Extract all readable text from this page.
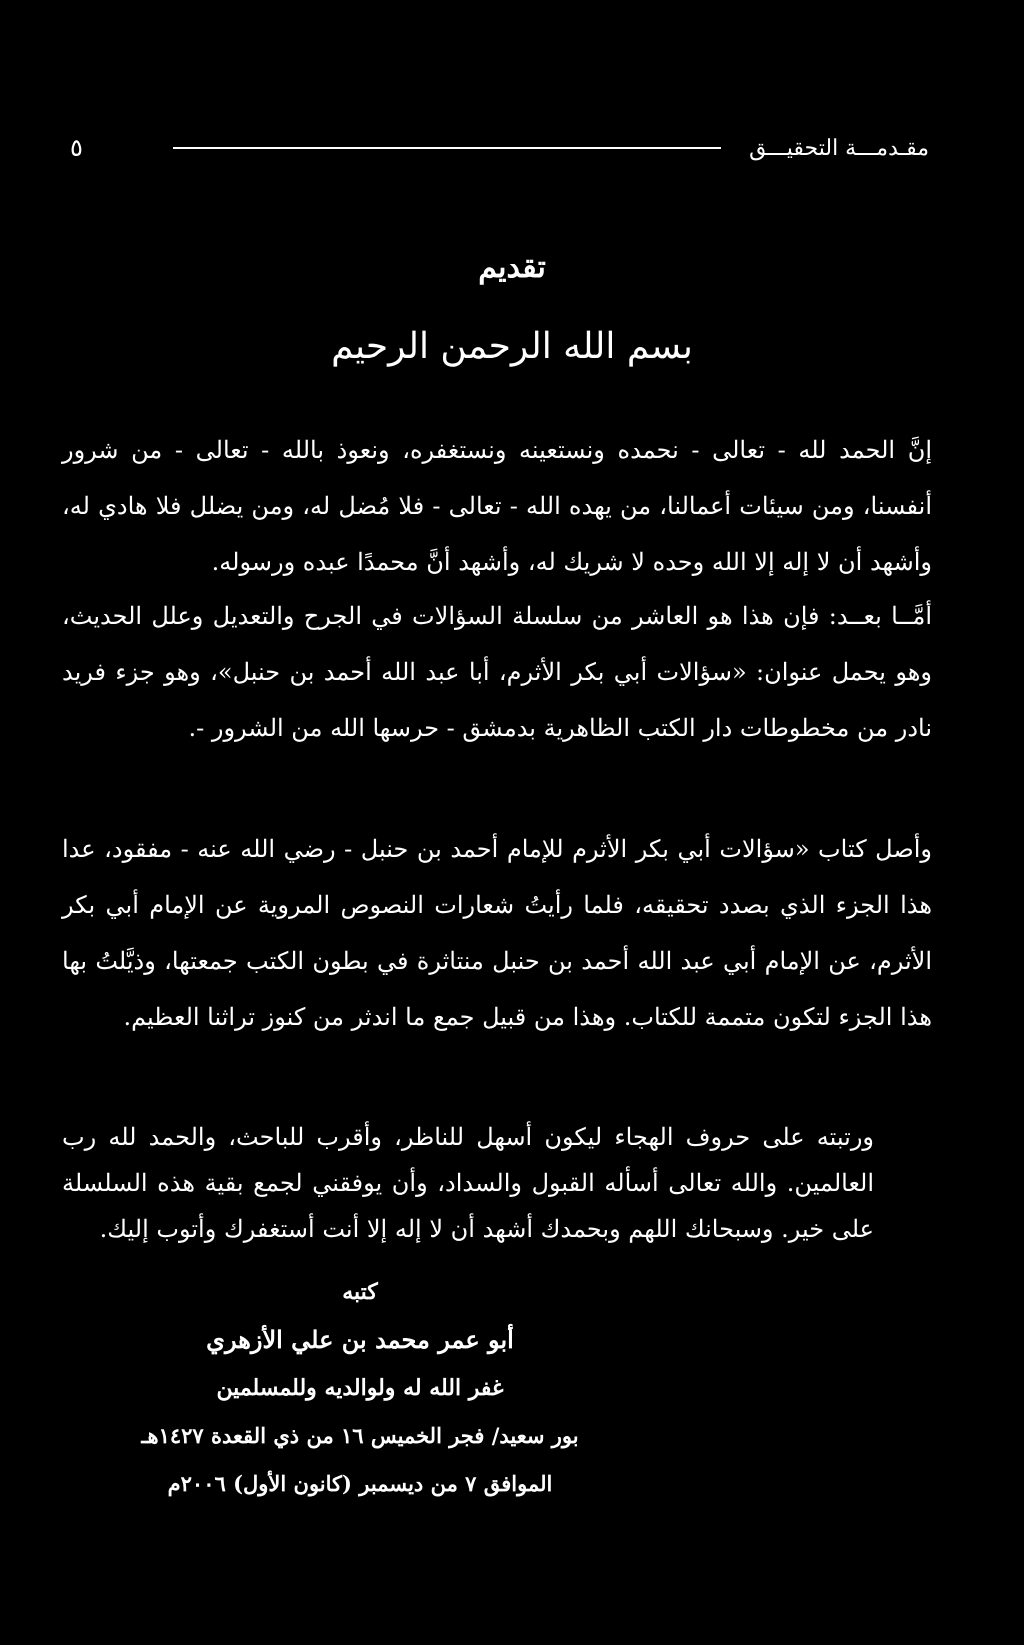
مقـدمـــة التحقيـــق
٥
تقديم
بسم الله الرحمن الرحيم

إنَّ الحمد لله - تعالى - نحمده ونستعينه ونستغفره، ونعوذ بالله - تعالى - من شرور أنفسنا، ومن سيئات أعمالنا، من يهده الله - تعالى - فلا مُضل له، ومن يضلل فلا هادي له، وأشهد أن لا إله إلا الله وحده لا شريك له، وأشهد أنَّ محمدًا عبده ورسوله.

أمَّــا بعــد: فإن هذا هو العاشر من سلسلة السؤالات في الجرح والتعديل وعلل الحديث، وهو يحمل عنوان: «سؤالات أبي بكر الأثرم، أبا عبد الله أحمد بن حنبل»، وهو جزء فريد نادر من مخطوطات دار الكتب الظاهرية بدمشق - حرسها الله من الشرور -.

وأصل كتاب «سؤالات أبي بكر الأثرم للإمام أحمد بن حنبل - رضي الله عنه - مفقود، عدا هذا الجزء الذي بصدد تحقيقه، فلما رأيتُ شعارات النصوص المروية عن الإمام أبي بكر الأثرم، عن الإمام أبي عبد الله أحمد بن حنبل منتاثرة في بطون الكتب جمعتها، وذيَّلتُ بها هذا الجزء لتكون متممة للكتاب. وهذا من قبيل جمع ما اندثر من كنوز تراثنا العظيم.

ورتبته على حروف الهجاء ليكون أسهل للناظر، وأقرب للباحث، والحمد لله رب العالمين. والله تعالى أسأله القبول والسداد، وأن يوفقني لجمع بقية هذه السلسلة على خير. وسبحانك اللهم وبحمدك أشهد أن لا إله إلا أنت أستغفرك وأتوب إليك.

كتبه
أبو عمر محمد بن علي الأزهري
غفر الله له ولوالديه وللمسلمين
بور سعيد/ فجر الخميس ١٦ من ذي القعدة ١٤٢٧هـ
الموافق ٧ من ديسمبر (كانون الأول) ٢٠٠٦م
